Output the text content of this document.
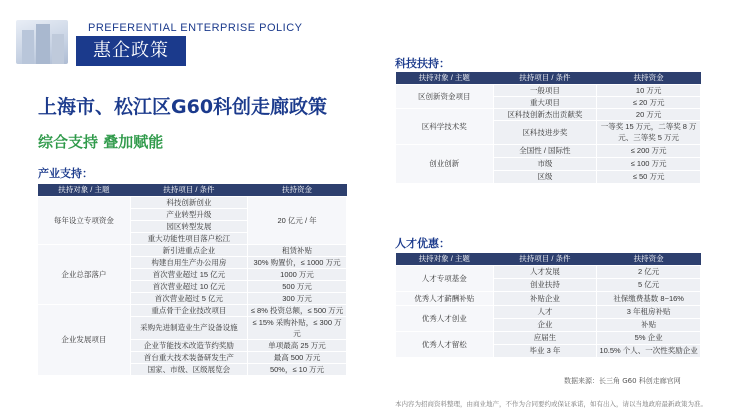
PREFERENTIAL ENTERPRISE POLICY
惠企政策
上海市、松江区G60科创走廊政策
综合支持 叠加赋能
产业支持：
扶持对象 / 主题	扶持项目 / 条件	扶持资金
每年设立专项资金	科技创新创业	20 亿元 / 年
	产业转型升级	
	园区转型发展	
	重大功能性项目落户松江	
企业总部落户	新引进重点企业	租赁补贴
	构建自用生产办公用房	30% 购置价，≤ 1000 万元
	首次营业超过 15 亿元	1000 万元
	首次营业超过 10 亿元	500 万元
	首次营业超过 5 亿元	300 万元
企业发展项目	重点骨干企业技改项目	≤ 8% 投资总额，≤ 500 万元
	采购先进制造业生产设备设施	≤ 15% 采购补贴，≤ 300 万元
	企业节能技术改造节约奖励	单项最高 25 万元
	首台重大技术装备研发生产	最高 500 万元
	国家、市级、区级展览会	50%，≤ 10 万元
科技扶持：
扶持对象 / 主题	扶持项目 / 条件	扶持资金
区创新资金项目	一般项目	10 万元
	重大项目	≤ 20 万元
区科学技术奖	区科技创新杰出贡献奖	20 万元
	区科技进步奖	一等奖 15 万元，二等奖 8 万元、三等奖 5 万元
创业创新	全国性 / 国际性	≤ 200 万元
	市级	≤ 100 万元
	区级	≤ 50 万元
人才优惠：
扶持对象 / 主题	扶持项目 / 条件	扶持资金
人才专项基金	人才发展	2 亿元
	创业扶持	5 亿元
优秀人才薪酬补贴	补贴企业	社保缴费基数 8~16%
优秀人才创业	人才	3 年租房补贴
	企业	补贴
优秀人才留松	应届生	5% 企业
	毕业 3 年	10.5% 个人、一次性奖励企业
数据来源：长三角 G60 科创走廊官网
本内容为招商资料整理，由商业地产，不作为合同要约或保证承诺，如有出入，请以当地政府最新政策为准。
